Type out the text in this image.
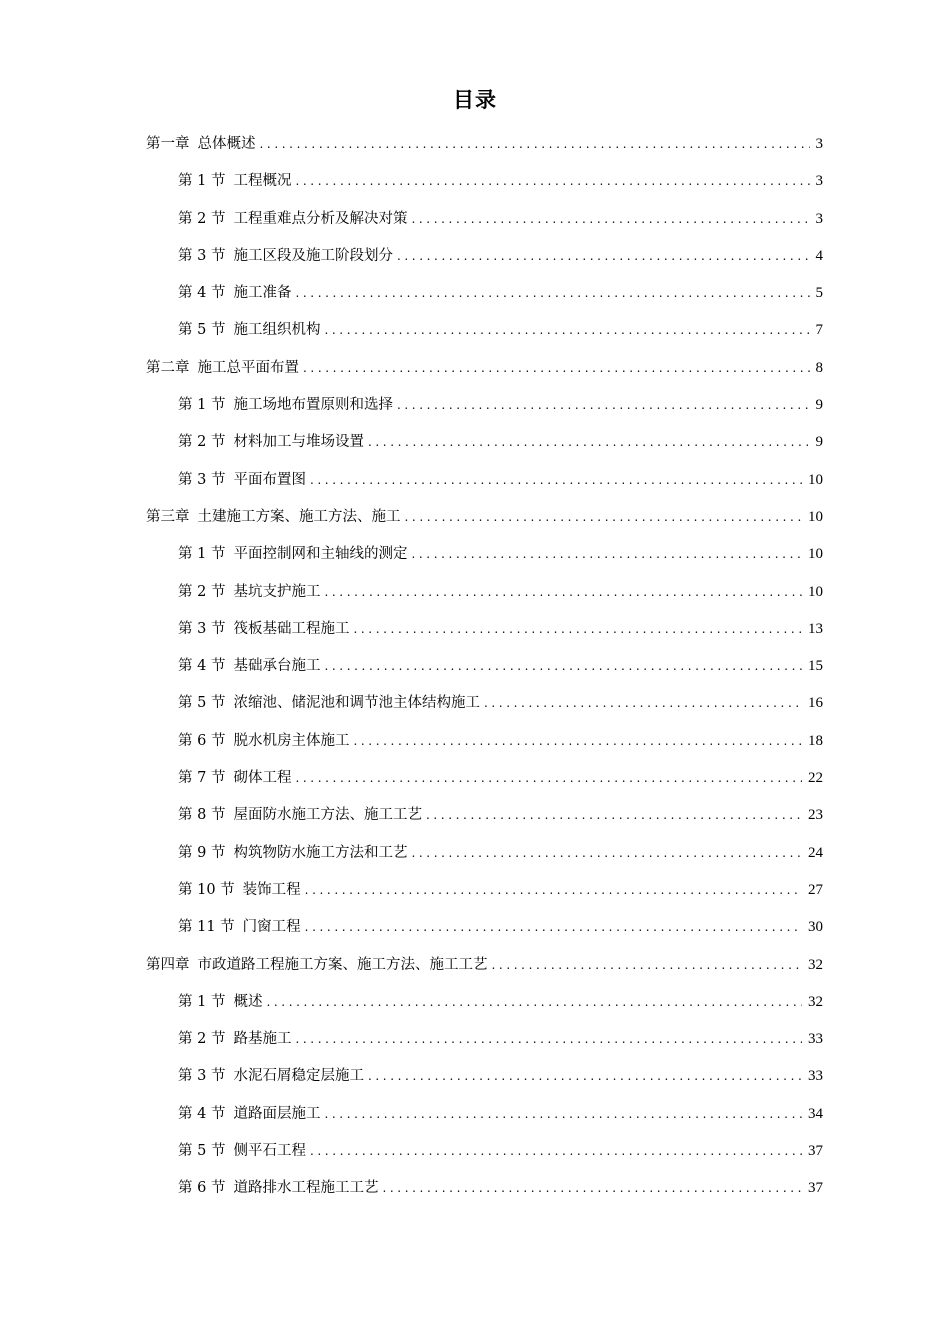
目录
第一章 总体概述 .....	3
第 1 节 工程概况 .....	3
第 2 节 工程重难点分析及解决对策 .....	3
第 3 节 施工区段及施工阶段划分 .....	4
第 4 节 施工准备 .....	5
第 5 节 施工组织机构 .....	7
第二章 施工总平面布置 .....	8
第 1 节 施工场地布置原则和选择 .....	9
第 2 节 材料加工与堆场设置 .....	9
第 3 节 平面布置图 .....	10
第三章 土建施工方案、施工方法、施工 .....	10
第 1 节 平面控制网和主轴线的测定 .....	10
第 2 节 基坑支护施工 .....	10
第 3 节 筏板基础工程施工 .....	13
第 4 节 基础承台施工 .....	15
第 5 节 浓缩池、储泥池和调节池主体结构施工 .....	16
第 6 节 脱水机房主体施工 .....	18
第 7 节 砌体工程 .....	22
第 8 节 屋面防水施工方法、施工工艺 .....	23
第 9 节 构筑物防水施工方法和工艺 .....	24
第 10 节 装饰工程 .....	27
第 11 节 门窗工程 .....	30
第四章 市政道路工程施工方案、施工方法、施工工艺 .....	32
第 1 节 概述 .....	32
第 2 节 路基施工 .....	33
第 3 节 水泥石屑稳定层施工 .....	33
第 4 节 道路面层施工 .....	34
第 5 节 侧平石工程 .....	37
第 6 节 道路排水工程施工工艺 .....	37
